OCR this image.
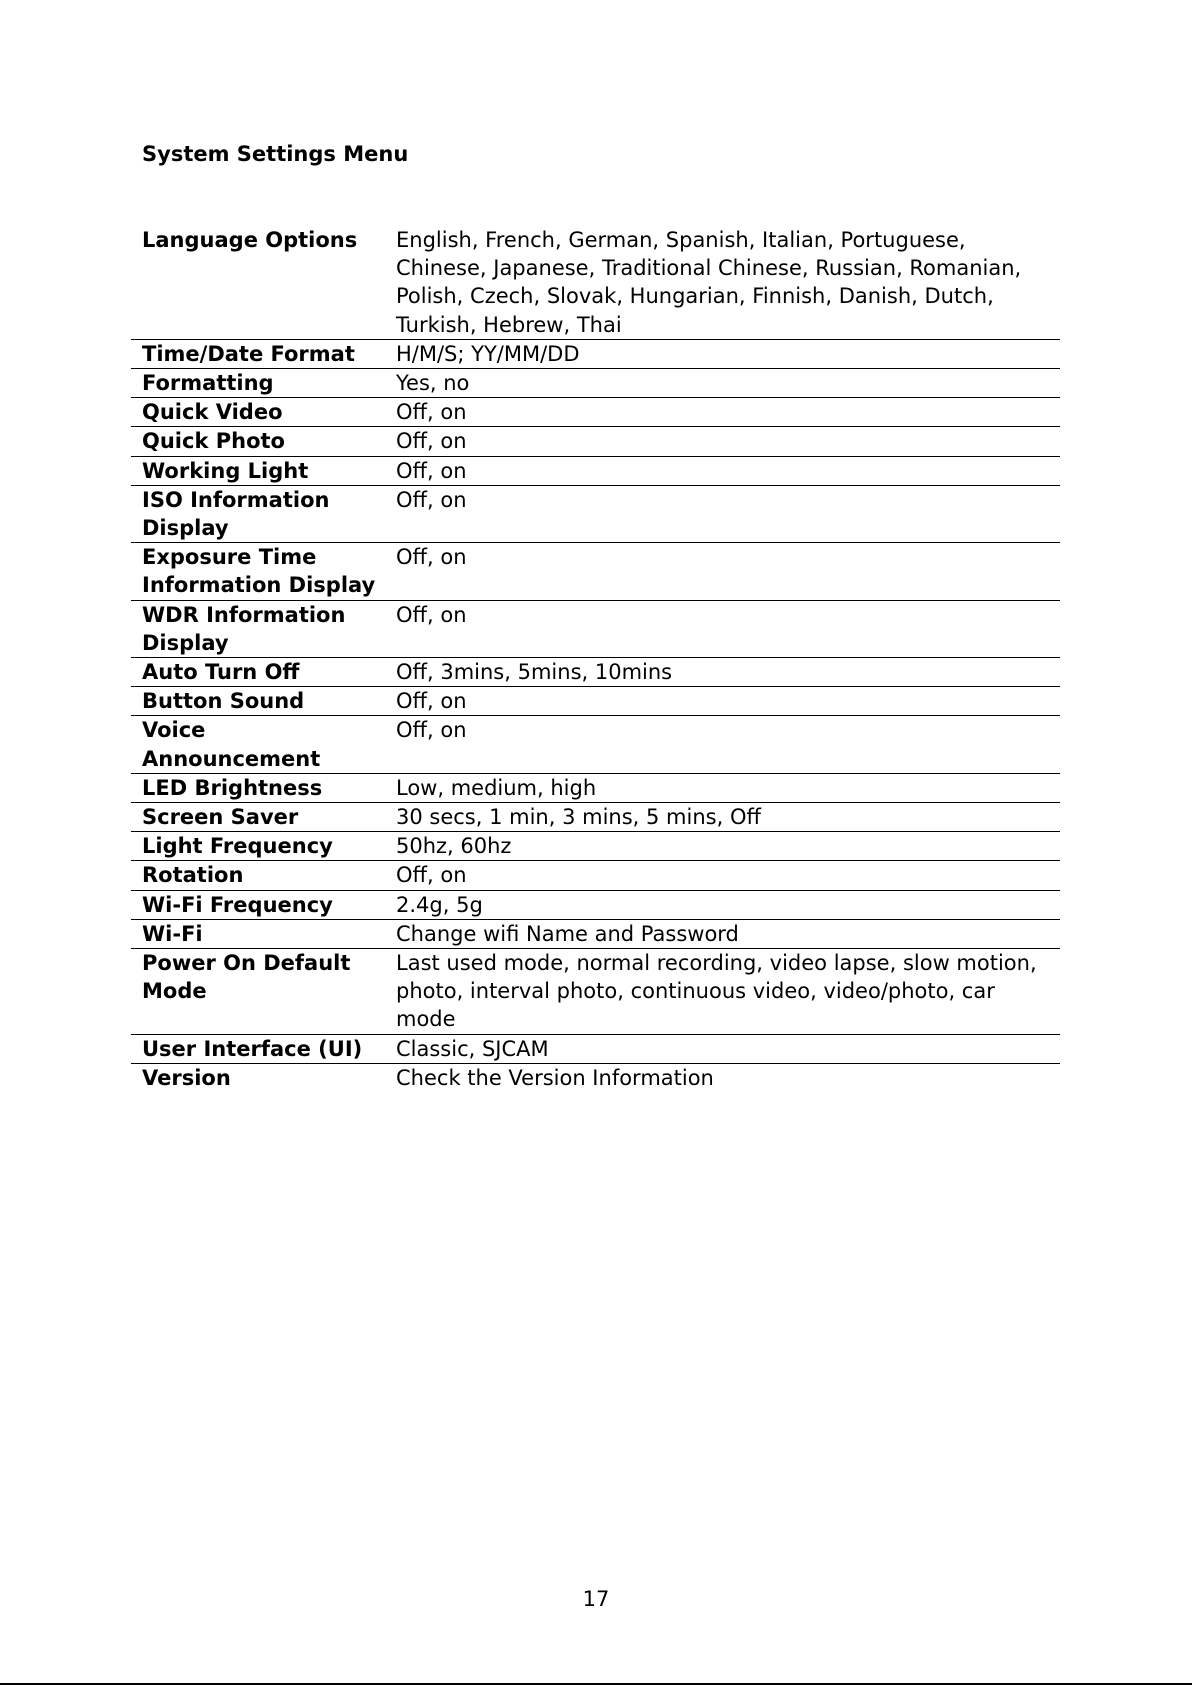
System Settings Menu
Language Options	English, French, German, Spanish, Italian, Portuguese, Chinese, Japanese, Traditional Chinese, Russian, Romanian, Polish, Czech, Slovak, Hungarian, Finnish, Danish, Dutch, Turkish, Hebrew, Thai
Time/Date Format	H/M/S; YY/MM/DD
Formatting	Yes, no
Quick Video	Off, on
Quick Photo	Off, on
Working Light	Off, on
ISO Information Display	Off, on
Exposure Time Information Display	Off, on
WDR Information Display	Off, on
Auto Turn Off	Off, 3mins, 5mins, 10mins
Button Sound	Off, on
Voice Announcement	Off, on
LED Brightness	Low, medium, high
Screen Saver	30 secs, 1 min, 3 mins, 5 mins, Off
Light Frequency	50hz, 60hz
Rotation	Off, on
Wi-Fi Frequency	2.4g, 5g
Wi-Fi	Change wifi Name and Password
Power On Default Mode	Last used mode, normal recording, video lapse, slow motion, photo, interval photo, continuous video, video/photo, car mode
User Interface (UI)	Classic, SJCAM
Version	Check the Version Information
17
